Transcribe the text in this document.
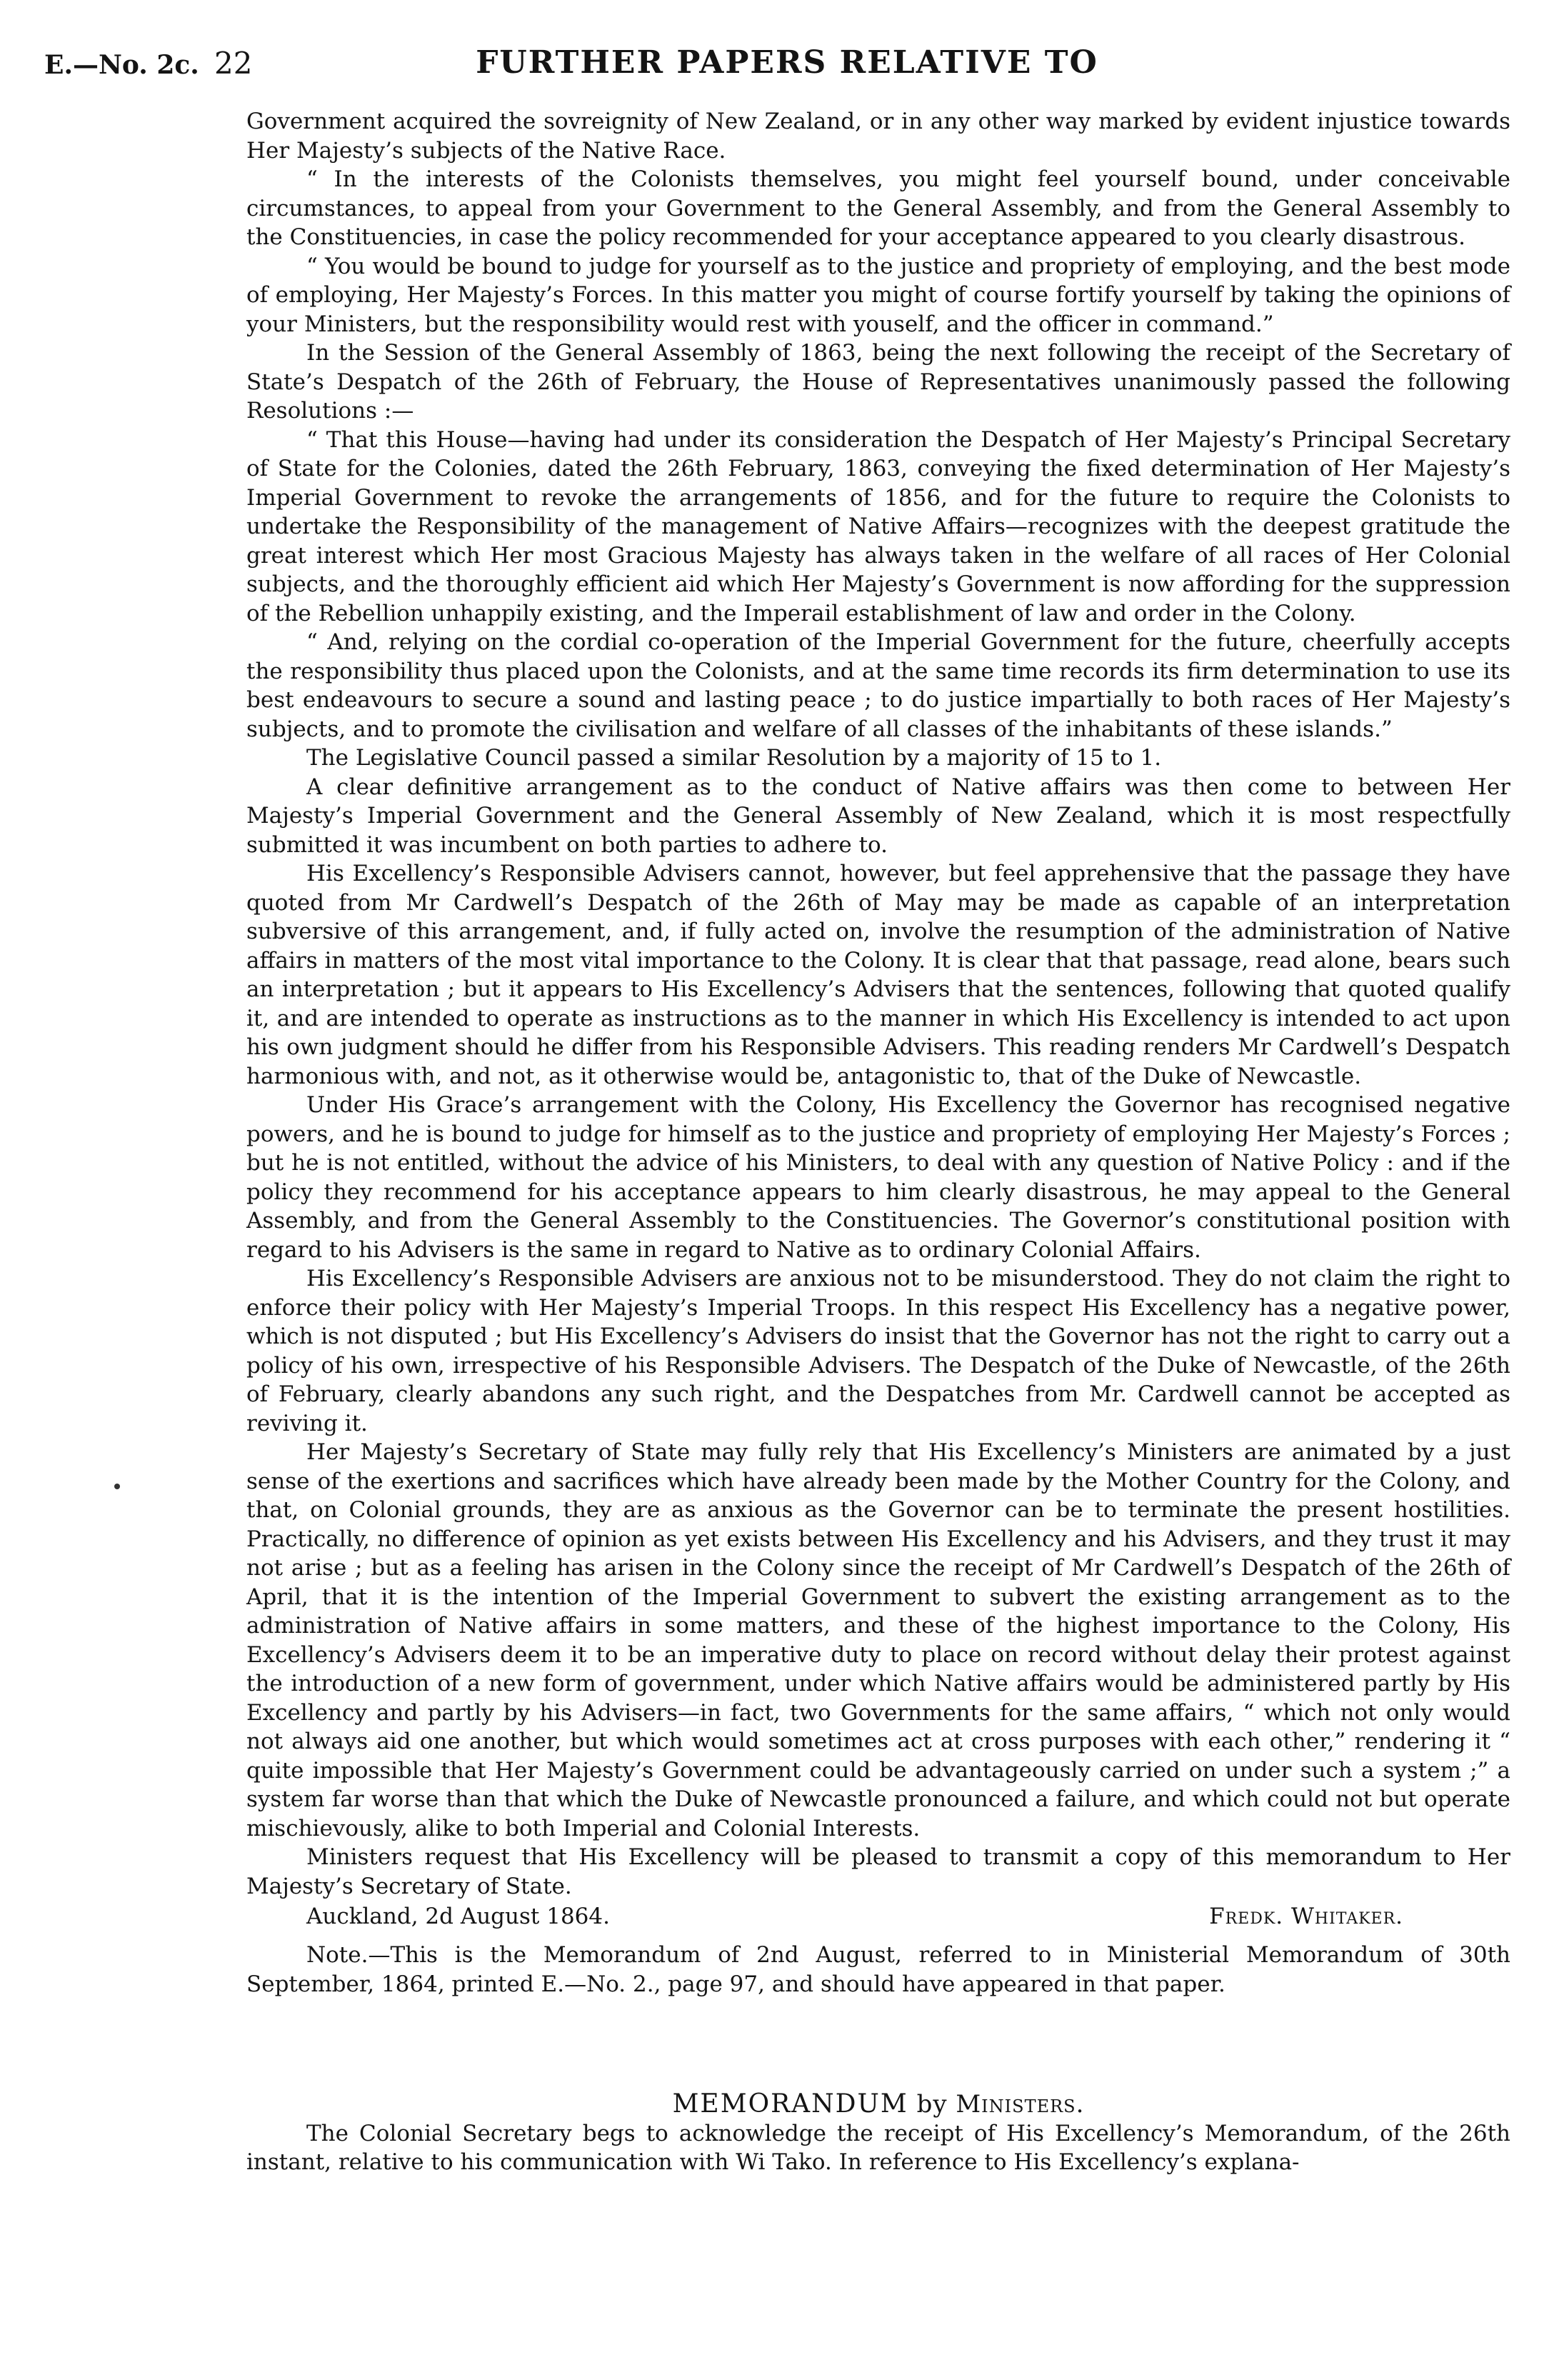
E.—No. 2c. 22	FURTHER PAPERS RELATIVE TO

Government acquired the sovreignity of New Zealand, or in any other way marked by evident injustice towards Her Majesty’s subjects of the Native Race.

“ In the interests of the Colonists themselves, you might feel yourself bound, under conceivable circumstances, to appeal from your Government to the General Assembly, and from the General Assembly to the Constituencies, in case the policy recommended for your acceptance appeared to you clearly disastrous.

“ You would be bound to judge for yourself as to the justice and propriety of employing, and the best mode of employing, Her Majesty’s Forces. In this matter you might of course fortify yourself by taking the opinions of your Ministers, but the responsibility would rest with youself, and the officer in command.”

In the Session of the General Assembly of 1863, being the next following the receipt of the Secretary of State’s Despatch of the 26th of February, the House of Representatives unanimously passed the following Resolutions :—

“ That this House—having had under its consideration the Despatch of Her Majesty’s Principal Secretary of State for the Colonies, dated the 26th February, 1863, conveying the fixed determination of Her Majesty’s Imperial Government to revoke the arrangements of 1856, and for the future to require the Colonists to undertake the Responsibility of the management of Native Affairs—recognizes with the deepest gratitude the great interest which Her most Gracious Majesty has always taken in the welfare of all races of Her Colonial subjects, and the thoroughly efficient aid which Her Majesty’s Government is now affording for the suppression of the Rebellion unhappily existing, and the Imperail establishment of law and order in the Colony.

“ And, relying on the cordial co-operation of the Imperial Government for the future, cheerfully accepts the responsibility thus placed upon the Colonists, and at the same time records its firm determination to use its best endeavours to secure a sound and lasting peace ; to do justice impartially to both races of Her Majesty’s subjects, and to promote the civilisation and welfare of all classes of the inhabitants of these islands.”

The Legislative Council passed a similar Resolution by a majority of 15 to 1.

A clear definitive arrangement as to the conduct of Native affairs was then come to between Her Majesty’s Imperial Government and the General Assembly of New Zealand, which it is most respectfully submitted it was incumbent on both parties to adhere to.

His Excellency’s Responsible Advisers cannot, however, but feel apprehensive that the passage they have quoted from Mr Cardwell’s Despatch of the 26th of May may be made as capable of an interpretation subversive of this arrangement, and, if fully acted on, involve the resumption of the administration of Native affairs in matters of the most vital importance to the Colony. It is clear that that passage, read alone, bears such an interpretation ; but it appears to His Excellency’s Advisers that the sentences, following that quoted qualify it, and are intended to operate as instructions as to the manner in which His Excellency is intended to act upon his own judgment should he differ from his Responsible Advisers. This reading renders Mr Cardwell’s Despatch harmonious with, and not, as it otherwise would be, antagonistic to, that of the Duke of Newcastle.

Under His Grace’s arrangement with the Colony, His Excellency the Governor has recognised negative powers, and he is bound to judge for himself as to the justice and propriety of employing Her Majesty’s Forces ; but he is not entitled, without the advice of his Ministers, to deal with any question of Native Policy : and if the policy they recommend for his acceptance appears to him clearly disastrous, he may appeal to the General Assembly, and from the General Assembly to the Constituencies. The Governor’s constitutional position with regard to his Advisers is the same in regard to Native as to ordinary Colonial Affairs.

His Excellency’s Responsible Advisers are anxious not to be misunderstood. They do not claim the right to enforce their policy with Her Majesty’s Imperial Troops. In this respect His Excellency has a negative power, which is not disputed ; but His Excellency’s Advisers do insist that the Governor has not the right to carry out a policy of his own, irrespective of his Responsible Advisers. The Despatch of the Duke of Newcastle, of the 26th of February, clearly abandons any such right, and the Despatches from Mr. Cardwell cannot be accepted as reviving it.

Her Majesty’s Secretary of State may fully rely that His Excellency’s Ministers are animated by a just sense of the exertions and sacrifices which have already been made by the Mother Country for the Colony, and that, on Colonial grounds, they are as anxious as the Governor can be to terminate the present hostilities. Practically, no difference of opinion as yet exists between His Excellency and his Advisers, and they trust it may not arise ; but as a feeling has arisen in the Colony since the receipt of Mr Cardwell’s Despatch of the 26th of April, that it is the intention of the Imperial Government to subvert the existing arrangement as to the administration of Native affairs in some matters, and these of the highest importance to the Colony, His Excellency’s Advisers deem it to be an imperative duty to place on record without delay their protest against the introduction of a new form of government, under which Native affairs would be administered partly by His Excellency and partly by his Advisers—in fact, two Governments for the same affairs, “ which not only would not always aid one another, but which would sometimes act at cross purposes with each other,” rendering it “ quite impossible that Her Majesty’s Government could be advantageously carried on under such a system ;” a system far worse than that which the Duke of Newcastle pronounced a failure, and which could not but operate mischievously, alike to both Imperial and Colonial Interests.

Ministers request that His Excellency will be pleased to transmit a copy of this memorandum to Her Majesty’s Secretary of State.

Auckland, 2d August 1864.	Fredk. Whitaker.

Note.—This is the Memorandum of 2nd August, referred to in Ministerial Memorandum of 30th September, 1864, printed E.—No. 2., page 97, and should have appeared in that paper.

MEMORANDUM by Ministers.

The Colonial Secretary begs to acknowledge the receipt of His Excellency’s Memorandum, of the 26th instant, relative to his communication with Wi Tako. In reference to His Excellency’s explana-
